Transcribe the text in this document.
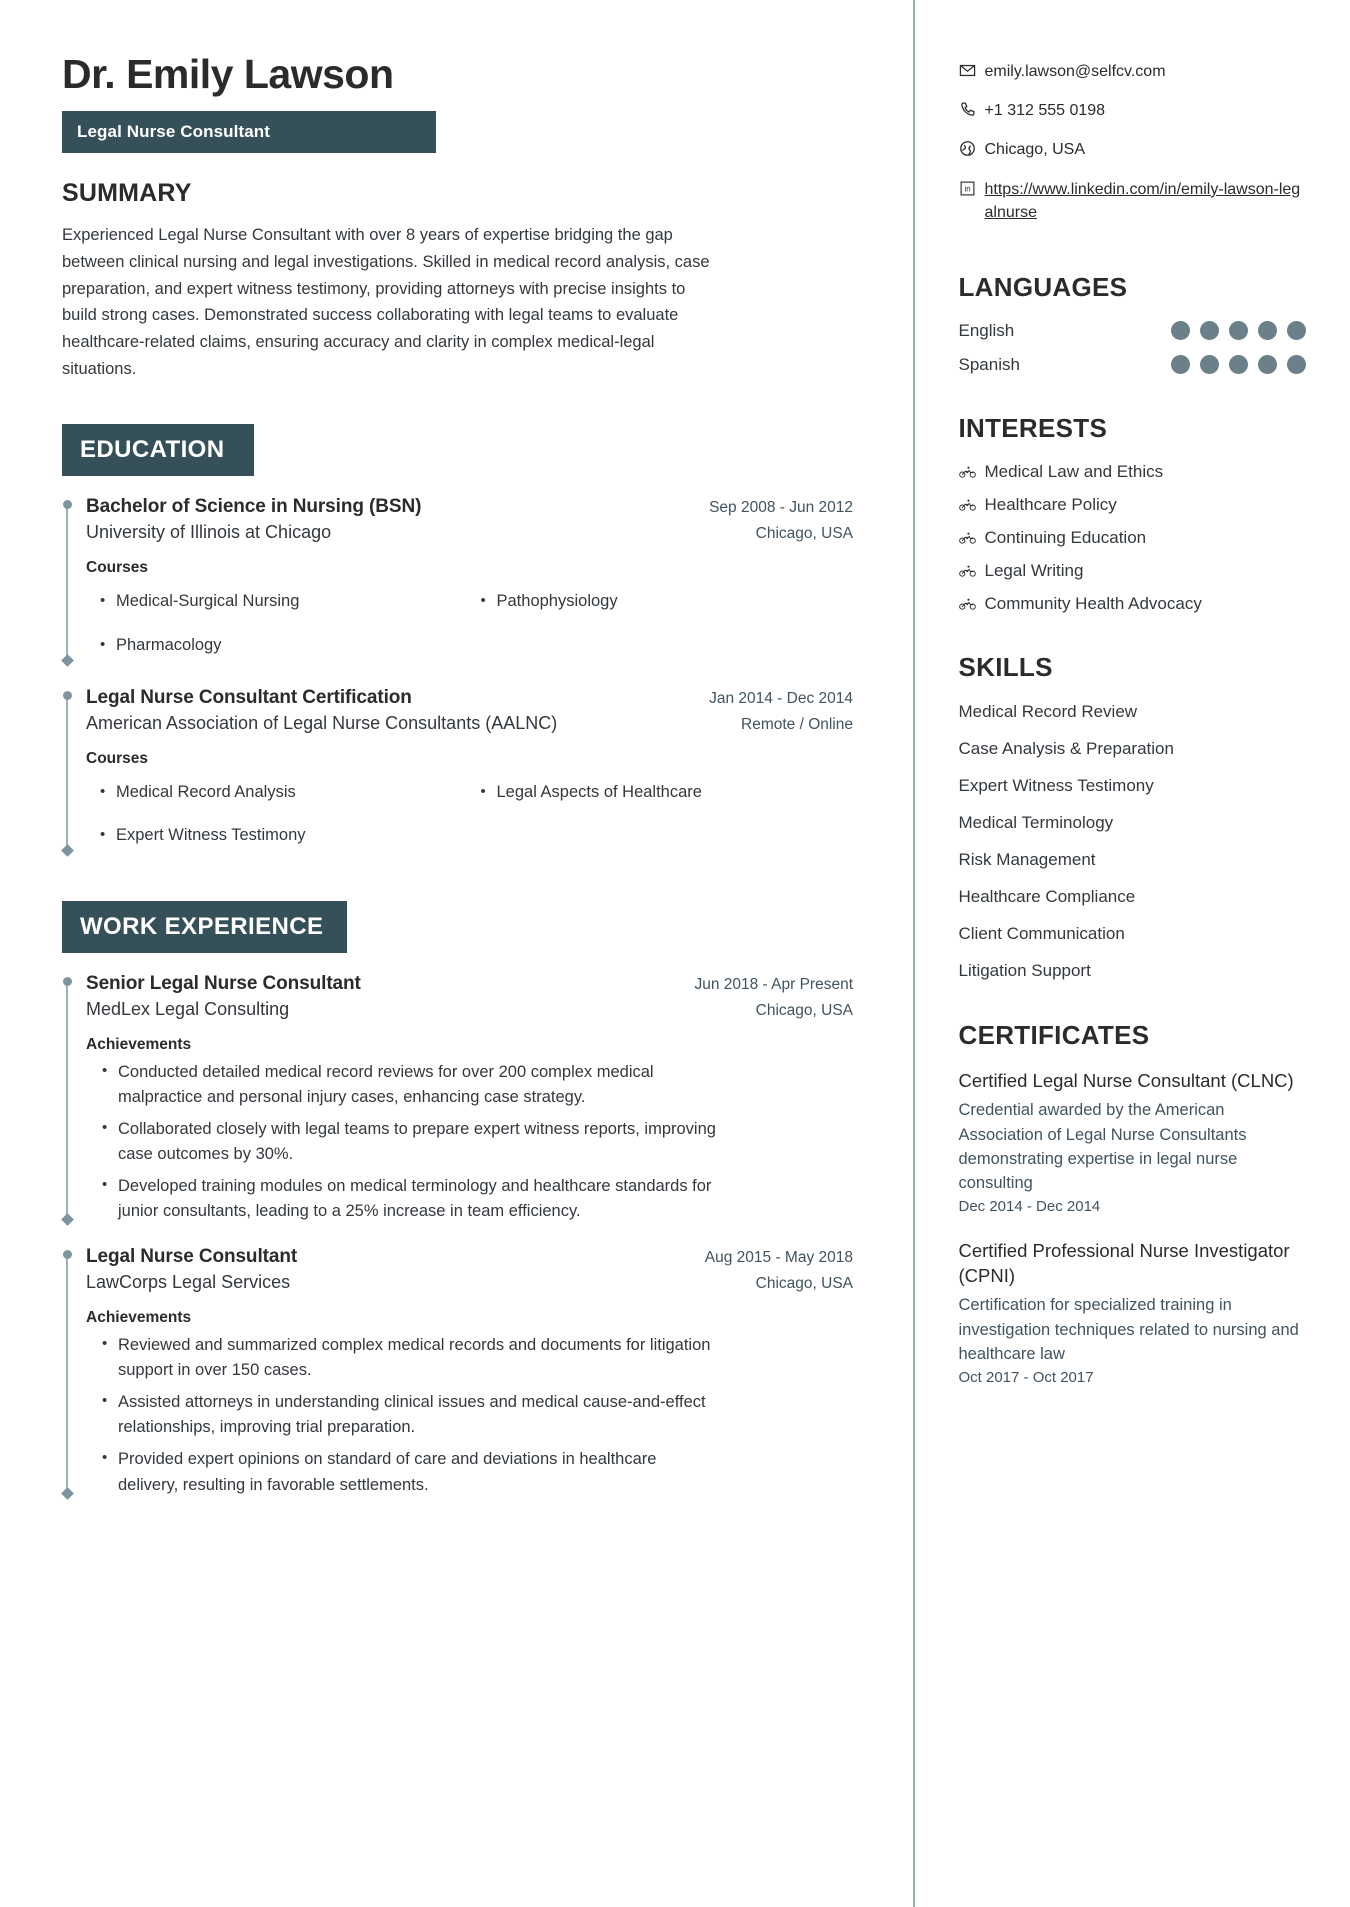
Dr. Emily Lawson
Legal Nurse Consultant
SUMMARY
Experienced Legal Nurse Consultant with over 8 years of expertise bridging the gap between clinical nursing and legal investigations. Skilled in medical record analysis, case preparation, and expert witness testimony, providing attorneys with precise insights to build strong cases. Demonstrated success collaborating with legal teams to evaluate healthcare-related claims, ensuring accuracy and clarity in complex medical-legal situations.
EDUCATION
Bachelor of Science in Nursing (BSN)	Sep 2008 - Jun 2012
University of Illinois at Chicago	Chicago, USA
Courses
• Medical-Surgical Nursing	• Pathophysiology
• Pharmacology
Legal Nurse Consultant Certification	Jan 2014 - Dec 2014
American Association of Legal Nurse Consultants (AALNC)	Remote / Online
Courses
• Medical Record Analysis	• Legal Aspects of Healthcare
• Expert Witness Testimony
WORK EXPERIENCE
Senior Legal Nurse Consultant	Jun 2018 - Apr Present
MedLex Legal Consulting	Chicago, USA
Achievements
• Conducted detailed medical record reviews for over 200 complex medical malpractice and personal injury cases, enhancing case strategy.
• Collaborated closely with legal teams to prepare expert witness reports, improving case outcomes by 30%.
• Developed training modules on medical terminology and healthcare standards for junior consultants, leading to a 25% increase in team efficiency.
Legal Nurse Consultant	Aug 2015 - May 2018
LawCorps Legal Services	Chicago, USA
Achievements
• Reviewed and summarized complex medical records and documents for litigation support in over 150 cases.
• Assisted attorneys in understanding clinical issues and medical cause-and-effect relationships, improving trial preparation.
• Provided expert opinions on standard of care and deviations in healthcare delivery, resulting in favorable settlements.
emily.lawson@selfcv.com
+1 312 555 0198
Chicago, USA
in https://www.linkedin.com/in/emily-lawson-legalnurse
LANGUAGES
English
Spanish
INTERESTS
Medical Law and Ethics
Healthcare Policy
Continuing Education
Legal Writing
Community Health Advocacy
SKILLS
Medical Record Review
Case Analysis & Preparation
Expert Witness Testimony
Medical Terminology
Risk Management
Healthcare Compliance
Client Communication
Litigation Support
CERTIFICATES
Certified Legal Nurse Consultant (CLNC)
Credential awarded by the American Association of Legal Nurse Consultants demonstrating expertise in legal nurse consulting
Dec 2014 - Dec 2014
Certified Professional Nurse Investigator (CPNI)
Certification for specialized training in investigation techniques related to nursing and healthcare law
Oct 2017 - Oct 2017
